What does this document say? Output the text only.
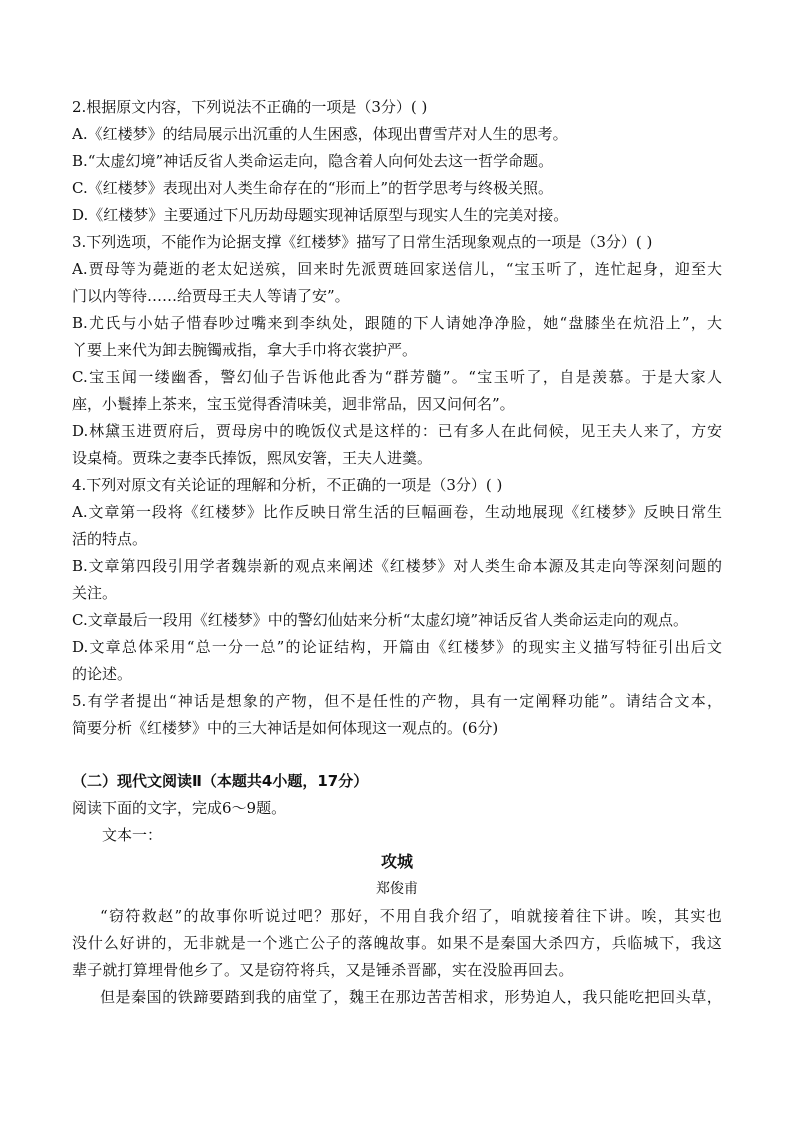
2.根据原文内容，下列说法不正确的一项是（3分）( )
A.《红楼梦》的结局展示出沉重的人生困惑，体现出曹雪芹对人生的思考。
B.“太虚幻境”神话反省人类命运走向，隐含着人向何处去这一哲学命题。
C.《红楼梦》表现出对人类生命存在的“形而上”的哲学思考与终极关照。
D.《红楼梦》主要通过下凡历劫母题实现神话原型与现实人生的完美对接。
3.下列选项，不能作为论据支撑《红楼梦》描写了日常生活现象观点的一项是（3分）( )
A.贾母等为薨逝的老太妃送殡，回来时先派贾琏回家送信儿，“宝玉听了，连忙起身，迎至大
门以内等待……给贾母王夫人等请了安”。
B.尤氏与小姑子惜春吵过嘴来到李纨处，跟随的下人请她净净脸，她“盘膝坐在炕沿上”，大
丫要上来代为卸去腕镯戒指，拿大手巾将衣裳护严。
C.宝玉闻一缕幽香，警幻仙子告诉他此香为“群芳髓”。“宝玉听了，自是羡慕。于是大家人
座，小鬟捧上茶来，宝玉觉得香清味美，迥非常品，因又问何名”。
D.林黛玉进贾府后，贾母房中的晚饭仪式是这样的：已有多人在此伺候，见王夫人来了，方安
设桌椅。贾珠之妻李氏捧饭，熙凤安箸，王夫人进羹。
4.下列对原文有关论证的理解和分析，不正确的一项是（3分）( )
A.文章第一段将《红楼梦》比作反映日常生活的巨幅画卷，生动地展现《红楼梦》反映日常生
活的特点。
B.文章第四段引用学者魏崇新的观点来阐述《红楼梦》对人类生命本源及其走向等深刻问题的
关注。
C.文章最后一段用《红楼梦》中的警幻仙姑来分析“太虚幻境”神话反省人类命运走向的观点。
D.文章总体采用“总一分一总”的论证结构，开篇由《红楼梦》的现实主义描写特征引出后文
的论述。
5.有学者提出“神话是想象的产物，但不是任性的产物，具有一定阐释功能”。请结合文本，
简要分析《红楼梦》中的三大神话是如何体现这一观点的。(6分)
（二）现代文阅读Ⅱ（本题共4小题，17分）
阅读下面的文字，完成6～9题。
文本一：
攻城
郑俊甫
“窃符救赵”的故事你听说过吧？那好，不用自我介绍了，咱就接着往下讲。唉，其实也
没什么好讲的，无非就是一个逃亡公子的落魄故事。如果不是秦国大杀四方，兵临城下，我这
辈子就打算埋骨他乡了。又是窃符将兵，又是锤杀晋鄙，实在没脸再回去。
但是秦国的铁蹄要踏到我的庙堂了，魏王在那边苦苦相求，形势迫人，我只能吃把回头草，
